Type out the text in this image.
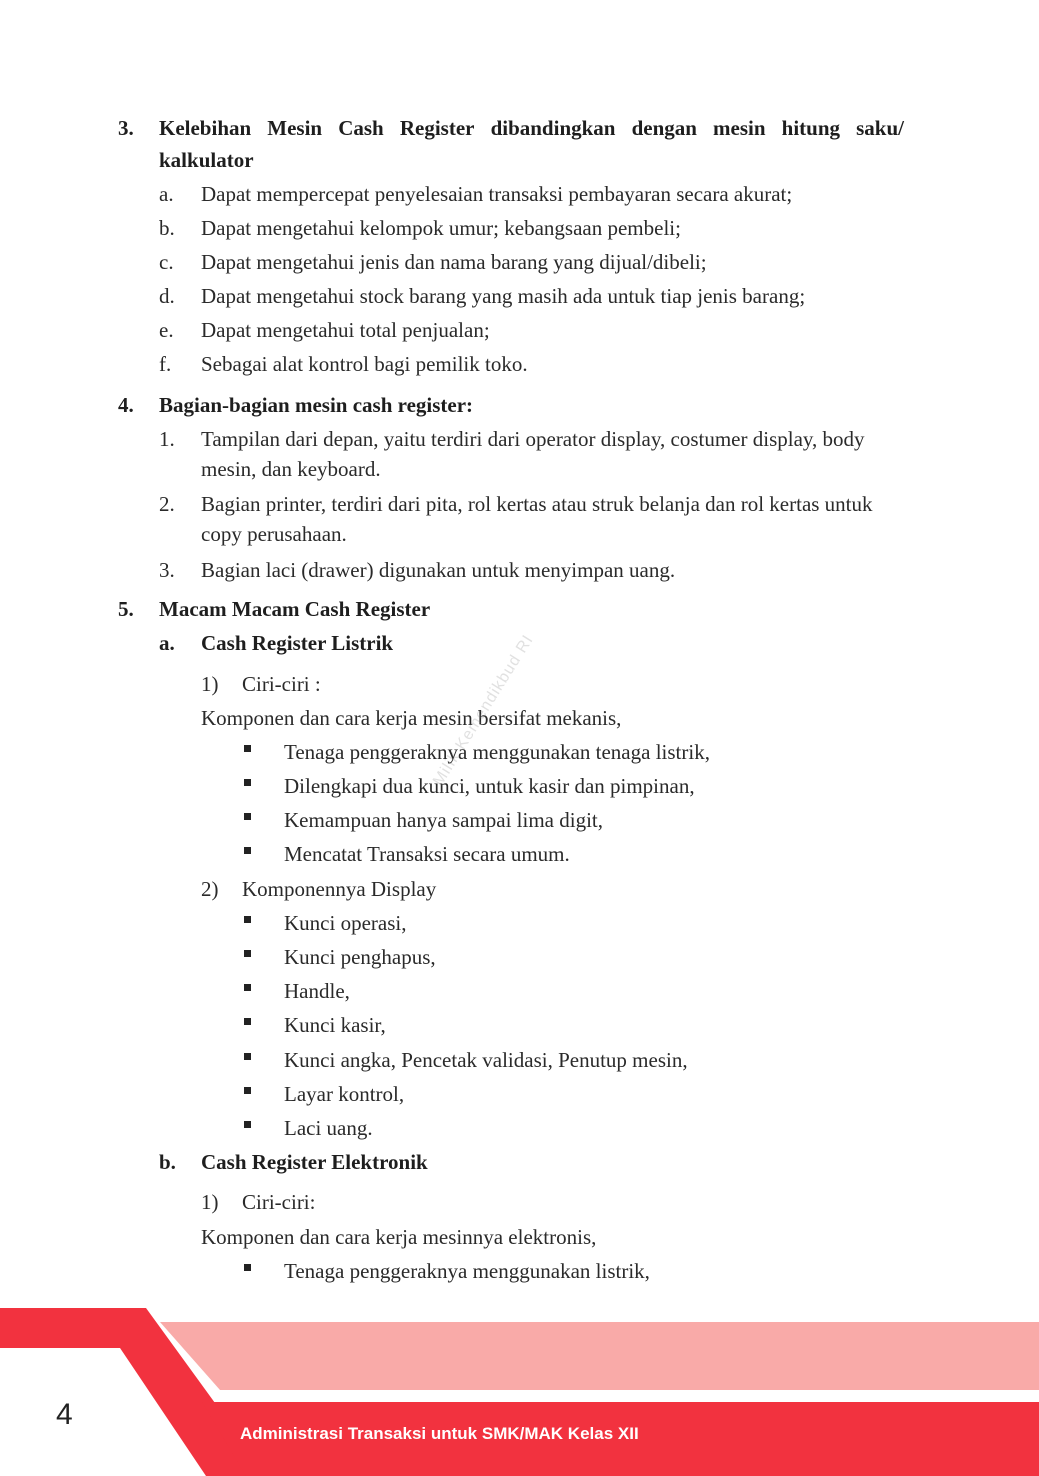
3. Kelebihan Mesin Cash Register dibandingkan dengan mesin hitung saku/
kalkulator
a. Dapat mempercepat penyelesaian transaksi pembayaran secara akurat;
b. Dapat mengetahui kelompok umur; kebangsaan pembeli;
c. Dapat mengetahui jenis dan nama barang yang dijual/dibeli;
d. Dapat mengetahui stock barang yang masih ada untuk tiap jenis barang;
e. Dapat mengetahui total penjualan;
f. Sebagai alat kontrol bagi pemilik toko.
4. Bagian-bagian mesin cash register:
1. Tampilan dari depan, yaitu terdiri dari operator display, costumer display, body
mesin, dan keyboard.
2. Bagian printer, terdiri dari pita, rol kertas atau struk belanja dan rol kertas untuk
copy perusahaan.
3. Bagian laci (drawer) digunakan untuk menyimpan uang.
5. Macam Macam Cash Register
a. Cash Register Listrik
1) Ciri-ciri :
Komponen dan cara kerja mesin bersifat mekanis,
Tenaga penggeraknya menggunakan tenaga listrik,
Dilengkapi dua kunci, untuk kasir dan pimpinan,
Kemampuan hanya sampai lima digit,
Mencatat Transaksi secara umum.
2) Komponennya Display
Kunci operasi,
Kunci penghapus,
Handle,
Kunci kasir,
Kunci angka, Pencetak validasi, Penutup mesin,
Layar kontrol,
Laci uang.
b. Cash Register Elektronik
1) Ciri-ciri:
Komponen dan cara kerja mesinnya elektronis,
Tenaga penggeraknya menggunakan listrik,
Milik Kemendikbud RI
4
Administrasi Transaksi untuk SMK/MAK Kelas XII
